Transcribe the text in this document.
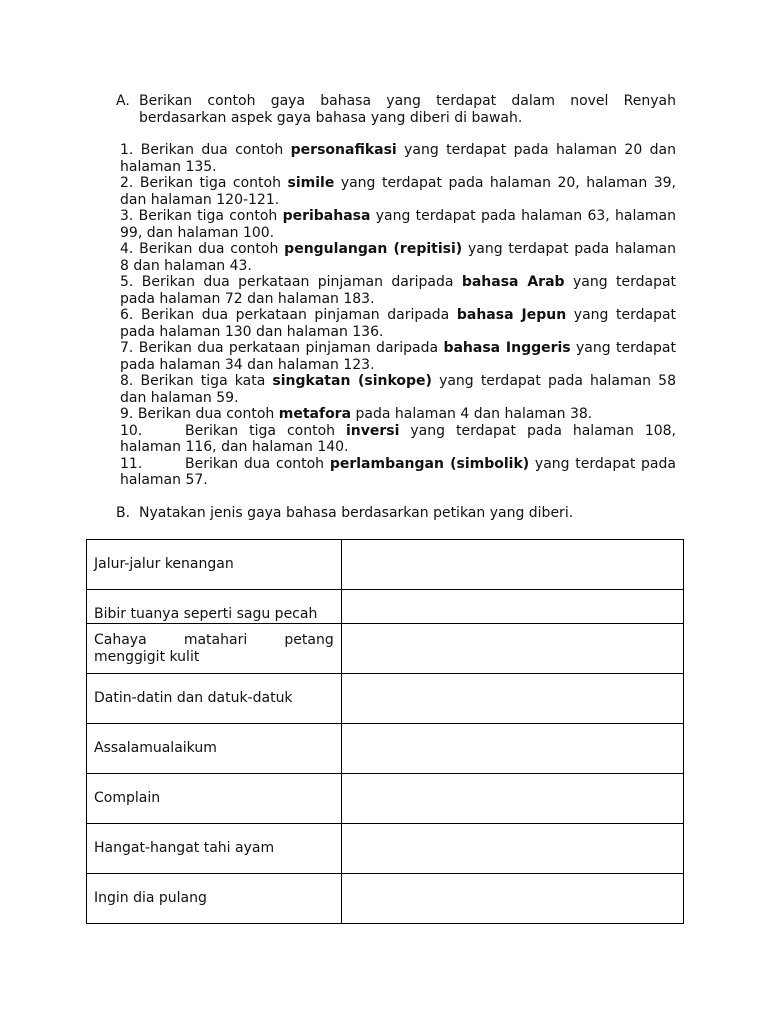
A. Berikan contoh gaya bahasa yang terdapat dalam novel Renyah berdasarkan aspek gaya bahasa yang diberi di bawah.
1. Berikan dua contoh personafikasi yang terdapat pada halaman 20 dan halaman 135.
2. Berikan tiga contoh simile yang terdapat pada halaman 20, halaman 39, dan halaman 120-121.
3. Berikan tiga contoh peribahasa yang terdapat pada halaman 63, halaman 99, dan halaman 100.
4. Berikan dua contoh pengulangan (repitisi) yang terdapat pada halaman 8 dan halaman 43.
5. Berikan dua perkataan pinjaman daripada bahasa Arab yang terdapat pada halaman 72 dan halaman 183.
6. Berikan dua perkataan pinjaman daripada bahasa Jepun yang terdapat pada halaman 130 dan halaman 136.
7. Berikan dua perkataan pinjaman daripada bahasa Inggeris yang terdapat pada halaman 34 dan halaman 123.
8. Berikan tiga kata singkatan (sinkope) yang terdapat pada halaman 58 dan halaman 59.
9. Berikan dua contoh metafora pada halaman 4 dan halaman 38.
10.	Berikan tiga contoh inversi yang terdapat pada halaman 108, halaman 116, dan halaman 140.
11.	Berikan dua contoh perlambangan (simbolik) yang terdapat pada halaman 57.
B. Nyatakan jenis gaya bahasa berdasarkan petikan yang diberi.
Jalur-jalur kenangan	
Bibir tuanya seperti sagu pecah	

Cahaya matahari petang
menggigit kulit	
Datin-datin dan datuk-datuk	
Assalamualaikum	
Complain	
Hangat-hangat tahi ayam	
Ingin dia pulang	
